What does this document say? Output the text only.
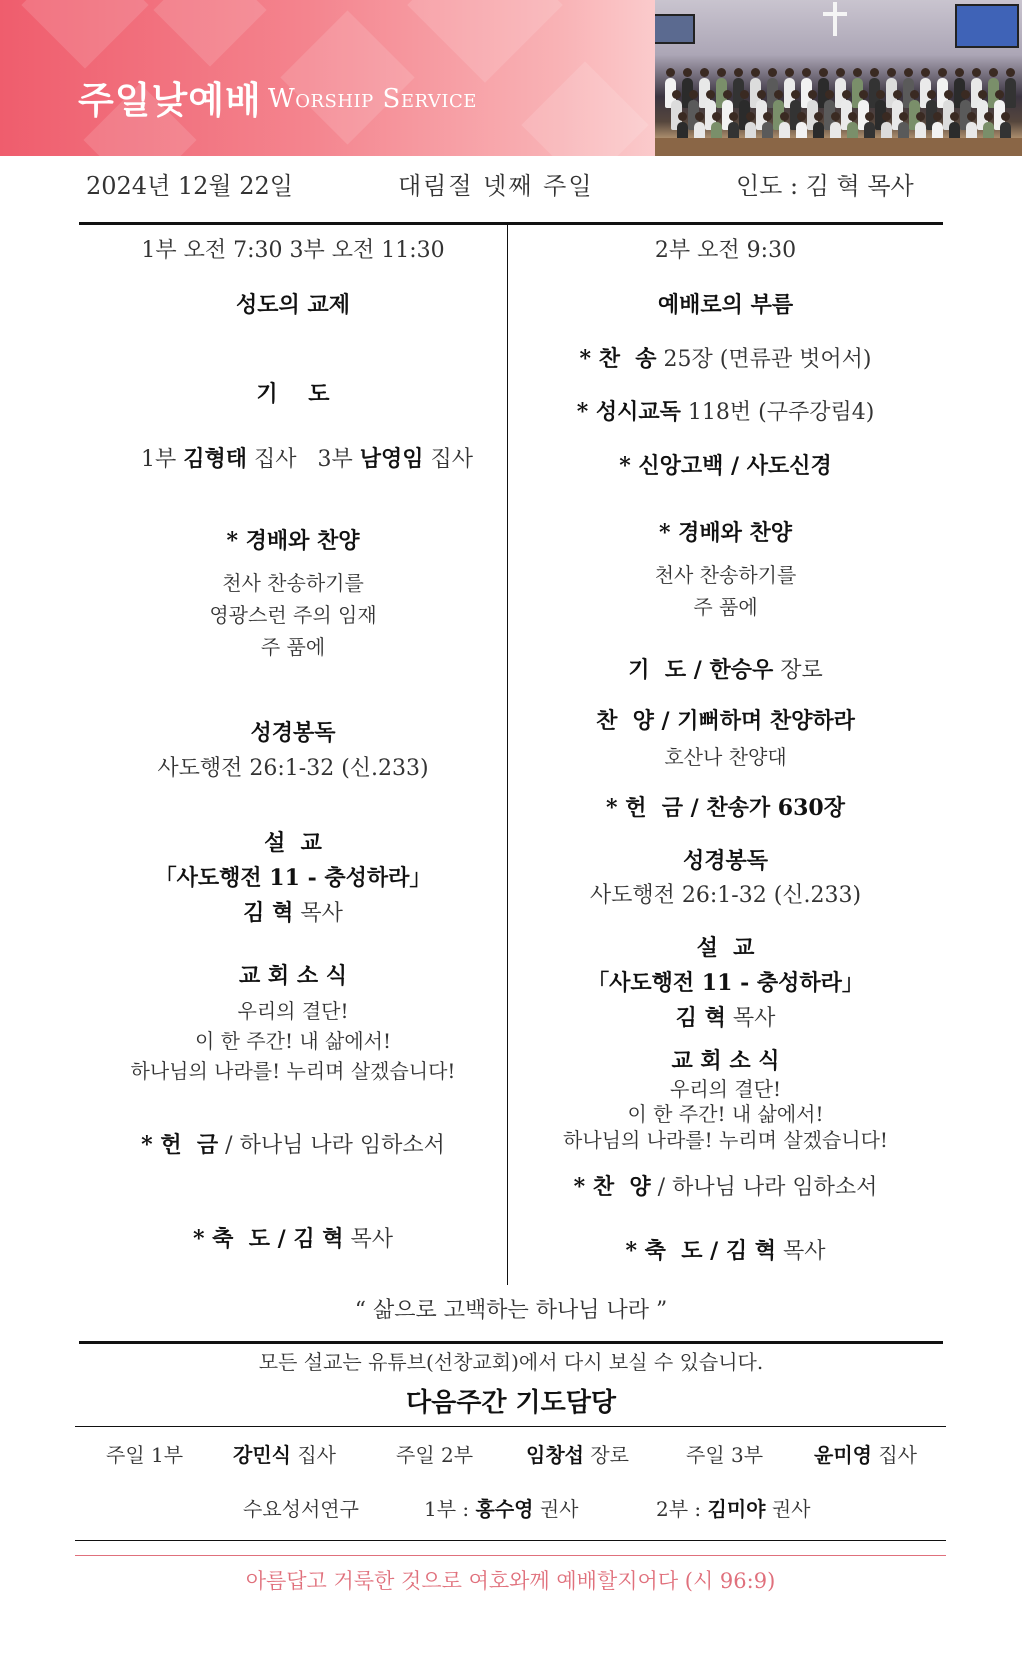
주일낮예배 Worship Service
2024년 12월 22일	대림절 넷째 주일	인도 : 김 혁 목사
1부 오전 7:30 3부 오전 11:30
성도의 교제
기    도

1부 김형태 집사   3부 남영임 집사

* 경배와 찬양
천사 찬송하기를
영광스런 주의 임재
주 품에
성경봉독
사도행전 26:1-32 (신.233)
설  교
「사도행전 11 - 충성하라」
김 혁 목사
교 회 소 식
우리의 결단!
이 한 주간! 내 삶에서!
하나님의 나라를! 누리며 살겠습니다!
* 헌  금 / 하나님 나라 임하소서
* 축  도 / 김 혁 목사
2부 오전 9:30
예배로의 부름
* 찬  송 25장 (면류관 벗어서)
* 성시교독 118번 (구주강림4)
* 신앙고백 / 사도신경
* 경배와 찬양
천사 찬송하기를
주 품에
기  도 / 한승우 장로
찬  양 / 기뻐하며 찬양하라
호산나 찬양대
* 헌  금 / 찬송가 630장
성경봉독
사도행전 26:1-32 (신.233)
설  교
「사도행전 11 - 충성하라」
김 혁 목사
교 회 소 식
우리의 결단!
이 한 주간! 내 삶에서!
하나님의 나라를! 누리며 살겠습니다!
* 찬  양 / 하나님 나라 임하소서
* 축  도 / 김 혁 목사
“ 삶으로 고백하는 하나님 나라 ”
모든 설교는 유튜브(선창교회)에서 다시 보실 수 있습니다.
다음주간 기도담당
주일 1부 강민식 집사	주일 2부	임창섭 장로	주일 3부	윤미영 집사
수요성서연구	1부 : 홍수영 권사	2부 : 김미야 권사
아름답고 거룩한 것으로 여호와께 예배할지어다 (시 96:9)
